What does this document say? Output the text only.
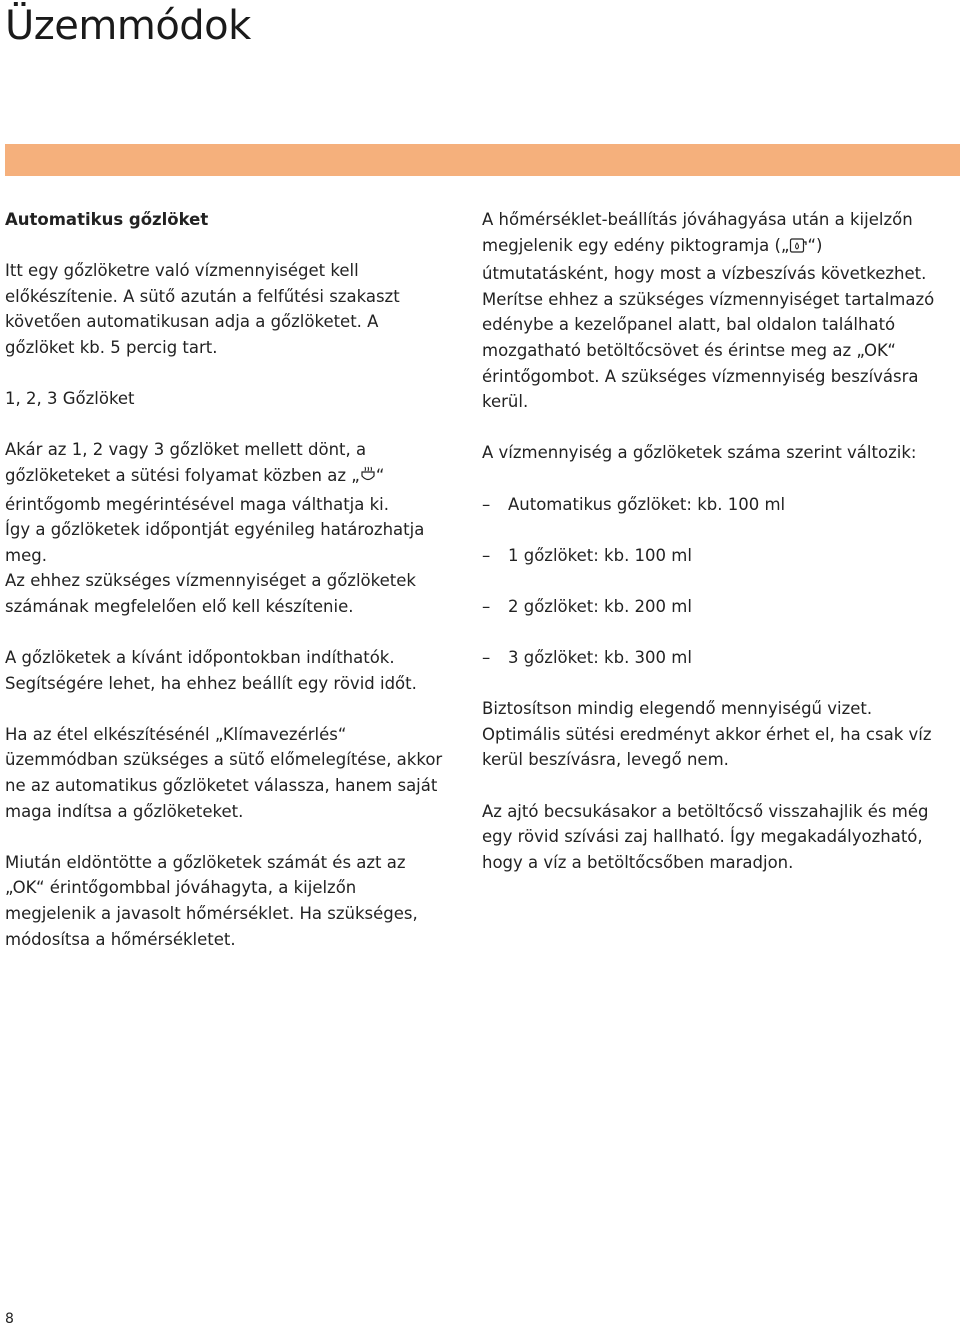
Üzemmódok
Automatikus gőzlöket

Itt egy gőzlöketre való vízmennyiséget kell előkészítenie. A sütő azután a felfűtési szakaszt követően automatikusan adja a gőzlöketet. A gőzlöket kb. 5 percig tart.

1, 2, 3 Gőzlöket

Akár az 1, 2 vagy 3 gőzlöket mellett dönt, a gőzlöketeket a sütési folyamat közben az „ “ érintőgomb megérintésével maga válthatja ki.

Így a gőzlöketek időpontját egyénileg határozhatja meg.

Az ehhez szükséges vízmennyiséget a gőzlöketek számának megfelelően elő kell készítenie.

A gőzlöketek a kívánt időpontokban indíthatók. Segítségére lehet, ha ehhez beállít egy rövid időt.

Ha az étel elkészítésénél „Klímavezérlés“ üzemmódban szükséges a sütő előmelegítése, akkor ne az automatikus gőzlöketet válassza, hanem saját maga indítsa a gőzlöketeket.

Miután eldöntötte a gőzlöketek számát és azt az „OK“ érintőgombbal jóváhagyta, a kijelzőn megjelenik a javasolt hőmérséklet. Ha szükséges, módosítsa a hőmérsékletet.

A hőmérséklet-beállítás jóváhagyása után a kijelzőn megjelenik egy edény piktogramja („ “) útmutatásként, hogy most a vízbeszívás következhet. Merítse ehhez a szükséges vízmennyiséget tartalmazó edénybe a kezelőpanel alatt, bal oldalon található mozgatható betöltőcsövet és érintse meg az „OK“ érintőgombot. A szükséges vízmennyiség beszívásra kerül.

A vízmennyiség a gőzlöketek száma szerint változik:

– Automatikus gőzlöket: kb. 100 ml
– 1 gőzlöket: kb. 100 ml
– 2 gőzlöket: kb. 200 ml
– 3 gőzlöket: kb. 300 ml

Biztosítson mindig elegendő mennyiségű vizet. Optimális sütési eredményt akkor érhet el, ha csak víz kerül beszívásra, levegő nem.

Az ajtó becsukásakor a betöltőcső visszahajlik és még egy rövid szívási zaj hallható. Így megakadályozható, hogy a víz a betöltőcsőben maradjon.

8
